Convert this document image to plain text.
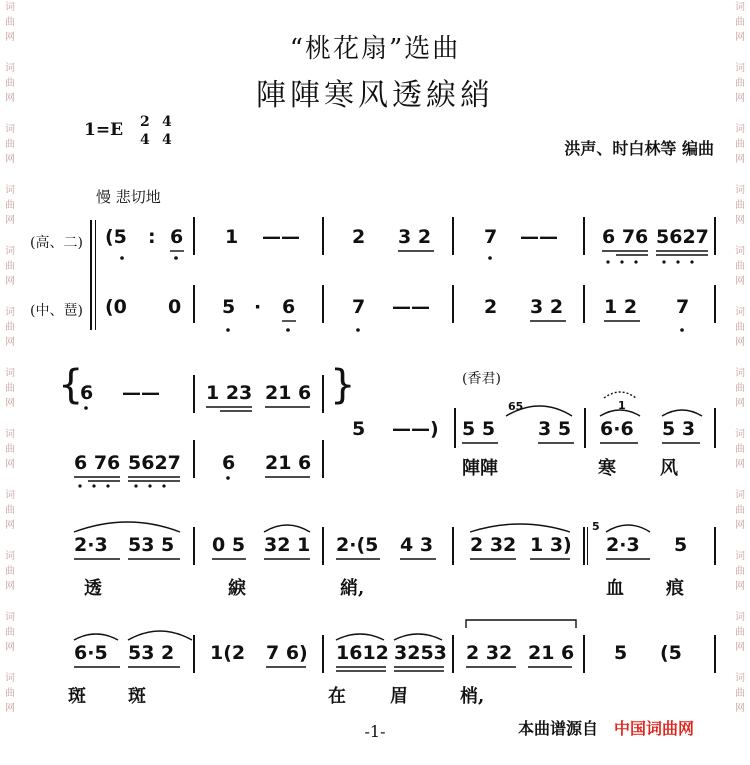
词
曲
网
词
曲
网
词
曲
网
词
曲
网
词
曲
网
词
曲
网
词
曲
网
词
曲
网
词
曲
网
词
曲
网
词
曲
网
词
曲
网
词
曲
网
词
曲
网
词
曲
网
词
曲
网
词
曲
网
词
曲
网
词
曲
网
词
曲
网
词
曲
网
词
曲
网
词
曲
网
词
曲
网
“桃花扇”选曲
陣陣寒风透綟綃
1=E 2
4
4
4	洪声、时白林等 编曲
慢 悲切地
(高、二)
(中、琶)
(5 : 6 1 ——	2 3 2	7 —— 6 76 5627
(0 0 5 · 6	7 ——	2 3 2 1 2 7
{	}
6 —— 1 23 21 6
6 76 5627 6 21 6
5 ——)
(香君)
5 5
65
3 5 6·6
1
5 3
陣陣	寒 风
2·3 53 5 0 5 32 1 2·(5 4 3 2 32 1 3)
5
2·3 5
透	綟	綃,	血 痕
6·5 53 2 1(2 7 6) 1612 3253 2 32 21 6 5 (5
斑 斑	在 眉	梢,
-1-	本曲谱源自 中国词曲网
